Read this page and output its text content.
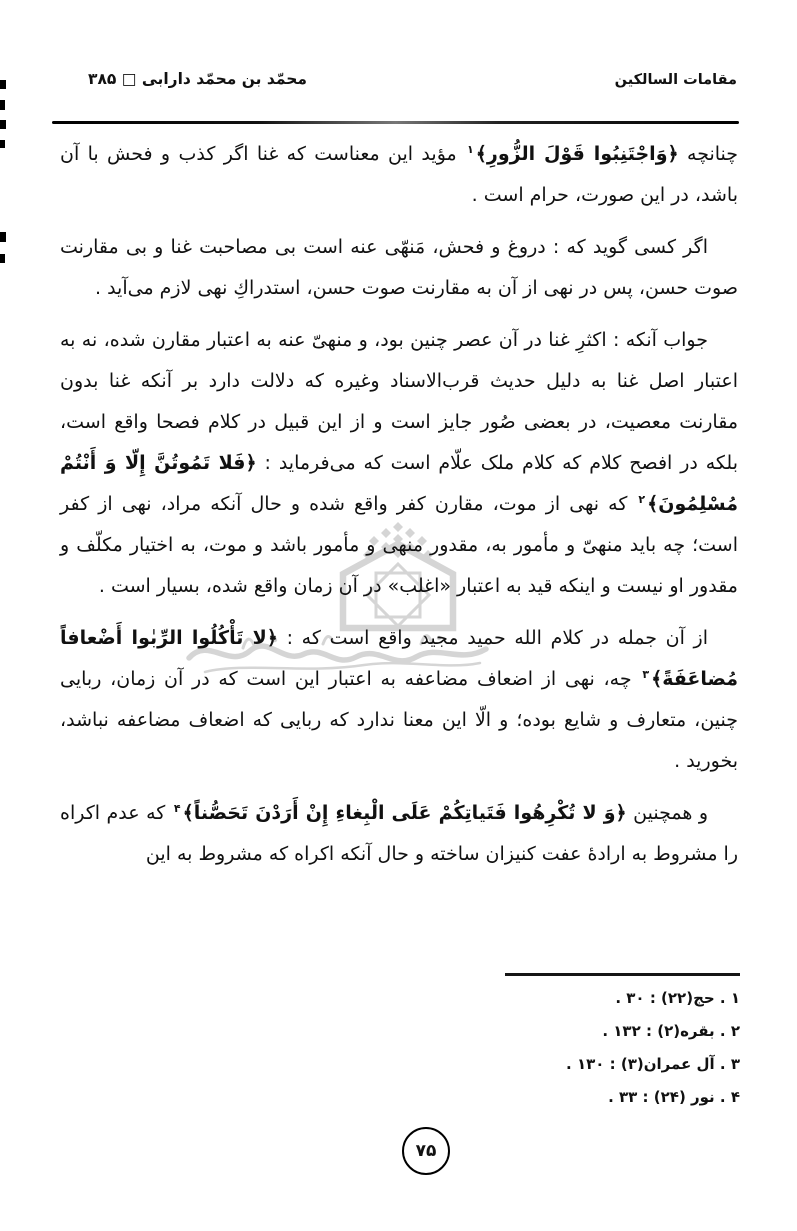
مقامات السالكين
محمّد بن محمّد دارابی □ ۳۸۵

چنانچه ﴿وَاجْتَنِبُوا قَوْلَ الزُّورِ﴾$^۱$ مؤید این معناست که غنا اگر کذب و فحش با آن باشد، در این صورت، حرام است .

اگر کسی گوید که : دروغ و فحش، مَنهّی عنه است بی مصاحبت غنا و بی مقارنت صوت حسن، پس در نهی از آن به مقارنت صوت حسن، استدراكِ نهی لازم می‌آید .

جواب آنکه : اکثرِ غنا در آن عصر چنین بود، و منهیّ عنه به اعتبار مقارن شده، نه به اعتبار اصل غنا به دلیل حدیث قرب‌الاسناد وغیره که دلالت دارد بر آنکه غنا بدون مقارنت معصیت، در بعضی صُور جایز است و از این قبیل در کلام فصحا واقع است، بلکه در افصح کلام که کلام ملک علّام است که می‌فرماید : ﴿فَلا تَمُوتُنَّ إِلّا وَ أَنْتُمْ مُسْلِمُونَ﴾$^۲$ که نهی از موت، مقارن کفر واقع شده و حال آنکه مراد، نهی از کفر است؛ چه باید منهیّ و مأمور به، مقدور منهی و مأمور باشد و موت، به اختیار مکلّف و مقدور او نیست و اینکه قید به اعتبار «اغلب» در آن زمان واقع شده، بسیار است .

از آن جمله در کلام الله حمید مجید واقع است که : ﴿لا تَأْكُلُوا الرِّبٰوا أَضْعافاً مُضاعَفَةً﴾$^۳$ چه، نهی از اضعاف مضاعفه به اعتبار این است که در آن زمان، ربایی چنین، متعارف و شایع بوده؛ و الّا این معنا ندارد که ربایی که اضعاف مضاعفه نباشد، بخورید .

و همچنین ﴿وَ لا تُكْرِهُوا فَتَياتِكُمْ عَلَى الْبِغاءِ إِنْ أَرَدْنَ تَحَصُّناً﴾$^۴$ که عدم اکراه را مشروط به ارادهٔ عفت کنیزان ساخته و حال آنکه اکراه که مشروط به این

۱ . حج(۲۲) : ۳۰ .
۲ . بقره(۲) : ۱۳۲ .
۳ . آل عمران(۳) : ۱۳۰ .
۴ . نور (۲۴) : ۳۳ .
۷۵
